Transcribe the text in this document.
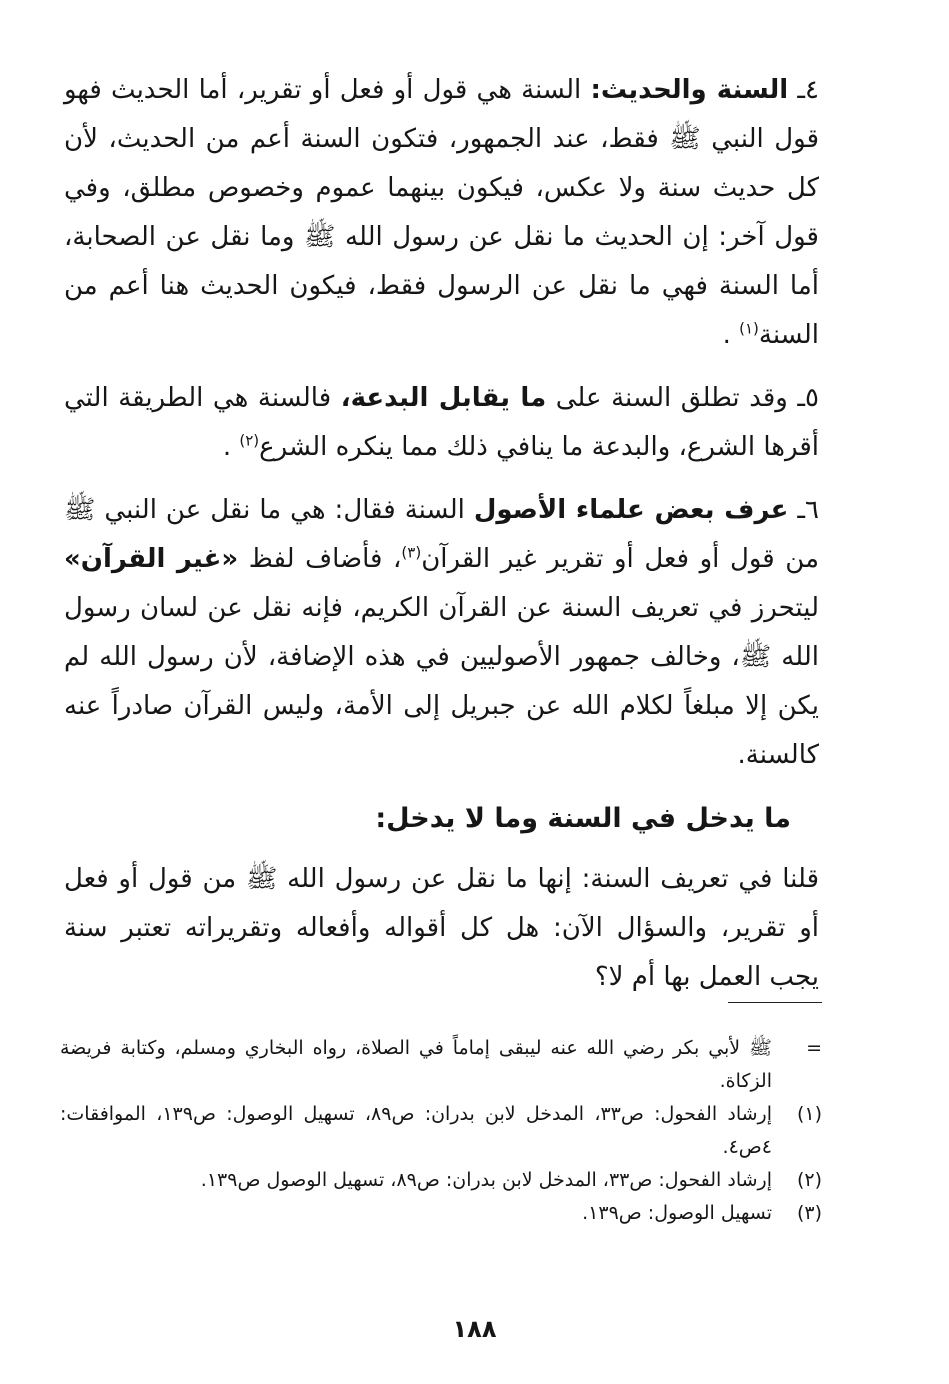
٤ـ السنة والحديث: السنة هي قول أو فعل أو تقرير، أما الحديث فهو قول النبي ﷺ فقط، عند الجمهور، فتكون السنة أعم من الحديث، لأن كل حديث سنة ولا عكس، فيكون بينهما عموم وخصوص مطلق، وفي قول آخر: إن الحديث ما نقل عن رسول الله ﷺ وما نقل عن الصحابة، أما السنة فهي ما نقل عن الرسول فقط، فيكون الحديث هنا أعم من السنة$^{(١)}$ .

٥ـ وقد تطلق السنة على ما يقابل البدعة، فالسنة هي الطريقة التي أقرها الشرع، والبدعة ما ينافي ذلك مما ينكره الشرع$^{(٢)}$ .

٦ـ عرف بعض علماء الأصول السنة فقال: هي ما نقل عن النبي ﷺ من قول أو فعل أو تقرير غير القرآن$^{(٣)}$، فأضاف لفظ «غير القرآن» ليتحرز في تعريف السنة عن القرآن الكريم، فإنه نقل عن لسان رسول الله ﷺ، وخالف جمهور الأصوليين في هذه الإضافة، لأن رسول الله لم يكن إلا مبلغاً لكلام الله عن جبريل إلى الأمة، وليس القرآن صادراً عنه كالسنة.

ما يدخل في السنة وما لا يدخل:

قلنا في تعريف السنة: إنها ما نقل عن رسول الله ﷺ من قول أو فعل أو تقرير، والسؤال الآن: هل كل أقواله وأفعاله وتقريراته تعتبر سنة يجب العمل بها أم لا؟

=
ﷺ لأبي بكر رضي الله عنه ليبقى إماماً في الصلاة، رواه البخاري ومسلم، وكتابة فريضة الزكاة.
(١)
إرشاد الفحول: ص٣٣، المدخل لابن بدران: ص٨٩، تسهيل الوصول: ص١٣٩، الموافقات: ٤ص٤.
(٢)
إرشاد الفحول: ص٣٣، المدخل لابن بدران: ص٨٩، تسهيل الوصول ص١٣٩.
(٣)
تسهيل الوصول: ص١٣٩.
١٨٨
